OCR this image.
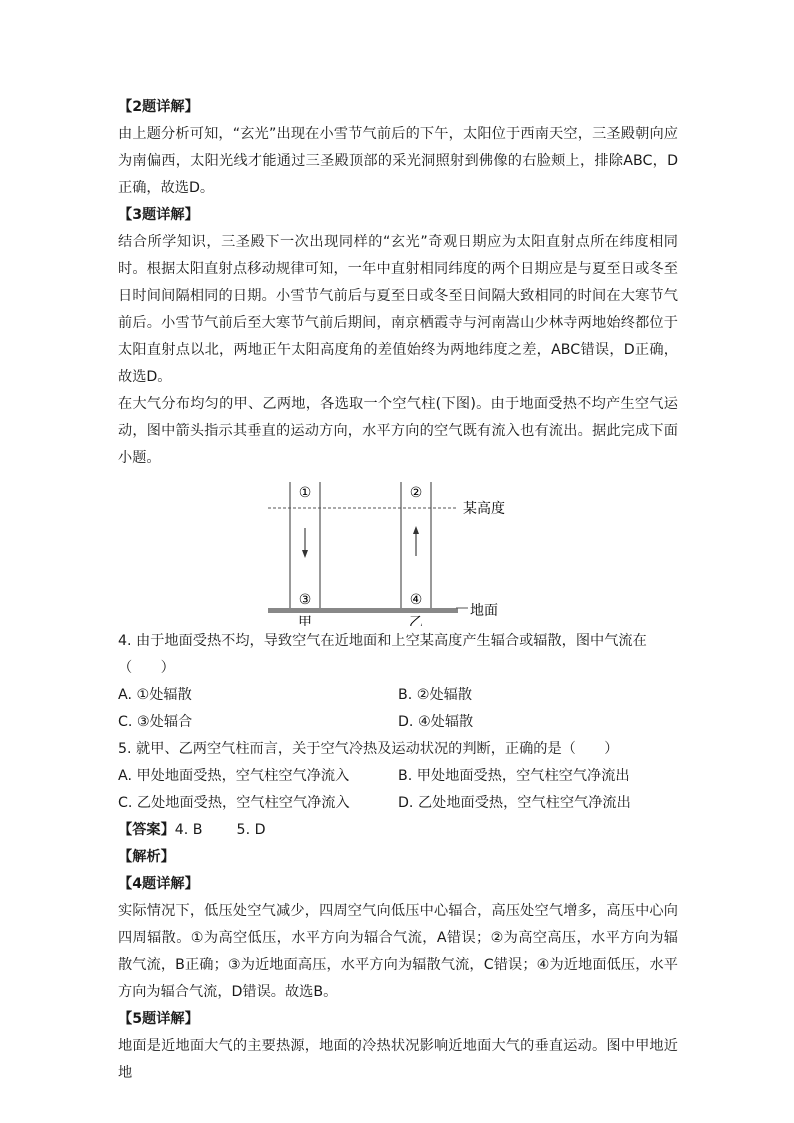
【2题详解】

由上题分析可知，“玄光”出现在小雪节气前后的下午，太阳位于西南天空，三圣殿朝向应为南偏西，太阳光线才能通过三圣殿顶部的采光洞照射到佛像的右脸颊上，排除ABC，D正确，故选D。

【3题详解】

结合所学知识，三圣殿下一次出现同样的“玄光”奇观日期应为太阳直射点所在纬度相同时。根据太阳直射点移动规律可知，一年中直射相同纬度的两个日期应是与夏至日或冬至日时间间隔相同的日期。小雪节气前后与夏至日或冬至日间隔大致相同的时间在大寒节气前后。小雪节气前后至大寒节气前后期间，南京栖霞寺与河南嵩山少林寺两地始终都位于太阳直射点以北，两地正午太阳高度角的差值始终为两地纬度之差，ABC错误，D正确，故选D。

在大气分布均匀的甲、乙两地，各选取一个空气柱(下图)。由于地面受热不均产生空气运动，图中箭头指示其垂直的运动方向，水平方向的空气既有流入也有流出。据此完成下面小题。

①	②
③	④
某高度
地面
甲	乙

4. 由于地面受热不均，导致空气在近地面和上空某高度产生辐合或辐散，图中气流在

（　　）

A. ①处辐散	B. ②处辐散
C. ③处辐合	D. ④处辐散

5. 就甲、乙两空气柱而言，关于空气冷热及运动状况的判断，正确的是（　　）

A. 甲处地面受热，空气柱空气净流入	B. 甲处地面受热，空气柱空气净流出
C. 乙处地面受热，空气柱空气净流入	D. 乙处地面受热，空气柱空气净流出

【答案】4. B 5. D

【解析】

【4题详解】

实际情况下，低压处空气减少，四周空气向低压中心辐合，高压处空气增多，高压中心向四周辐散。①为高空低压，水平方向为辐合气流，A错误；②为高空高压，水平方向为辐散气流，B正确；③为近地面高压，水平方向为辐散气流，C错误；④为近地面低压，水平方向为辐合气流，D错误。故选B。

【5题详解】

地面是近地面大气的主要热源，地面的冷热状况影响近地面大气的垂直运动。图中甲地近地
